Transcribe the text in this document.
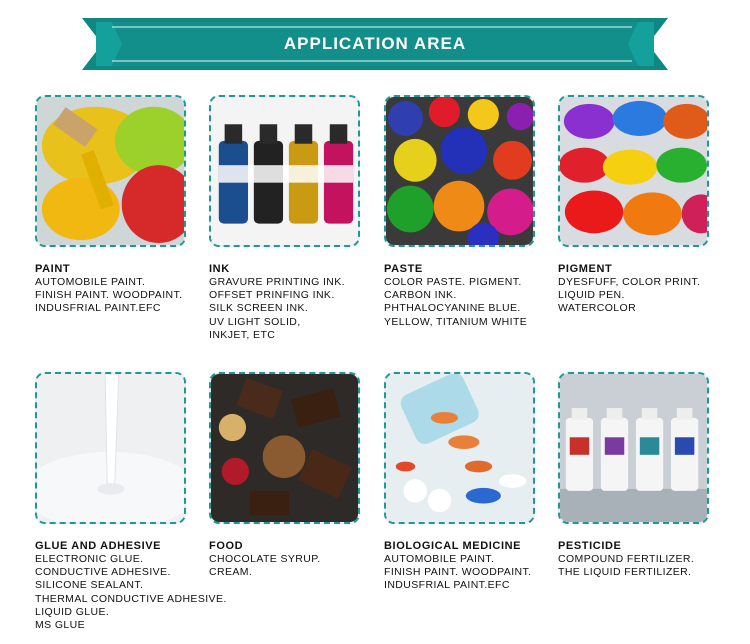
APPLICATION AREA
PAINT
AUTOMOBILE PAINT.
FINISH PAINT. WOODPAINT.
INDUSFRIAL PAINT.EFC
INK
GRAVURE PRINTING INK.
OFFSET PRINFING INK.
SILK SCREEN INK.
UV LIGHT SOLID,
INKJET, ETC
PASTE
COLOR PASTE. PIGMENT.
CARBON INK.
PHTHALOCYANINE BLUE.
YELLOW, TITANIUM WHITE
PIGMENT
DYESFUFF, COLOR PRINT.
LIQUID PEN.
WATERCOLOR
GLUE AND ADHESIVE
ELECTRONIC GLUE.
CONDUCTIVE ADHESIVE.
SILICONE SEALANT.
THERMAL CONDUCTIVE ADHESIVE.
LIQUID GLUE.
MS GLUE
FOOD
CHOCOLATE SYRUP.
CREAM.
BIOLOGICAL MEDICINE
AUTOMOBILE PAINT.
FINISH PAINT. WOODPAINT.
INDUSFRIAL PAINT.EFC
PESTICIDE
COMPOUND FERTILIZER.
THE LIQUID FERTILIZER.
